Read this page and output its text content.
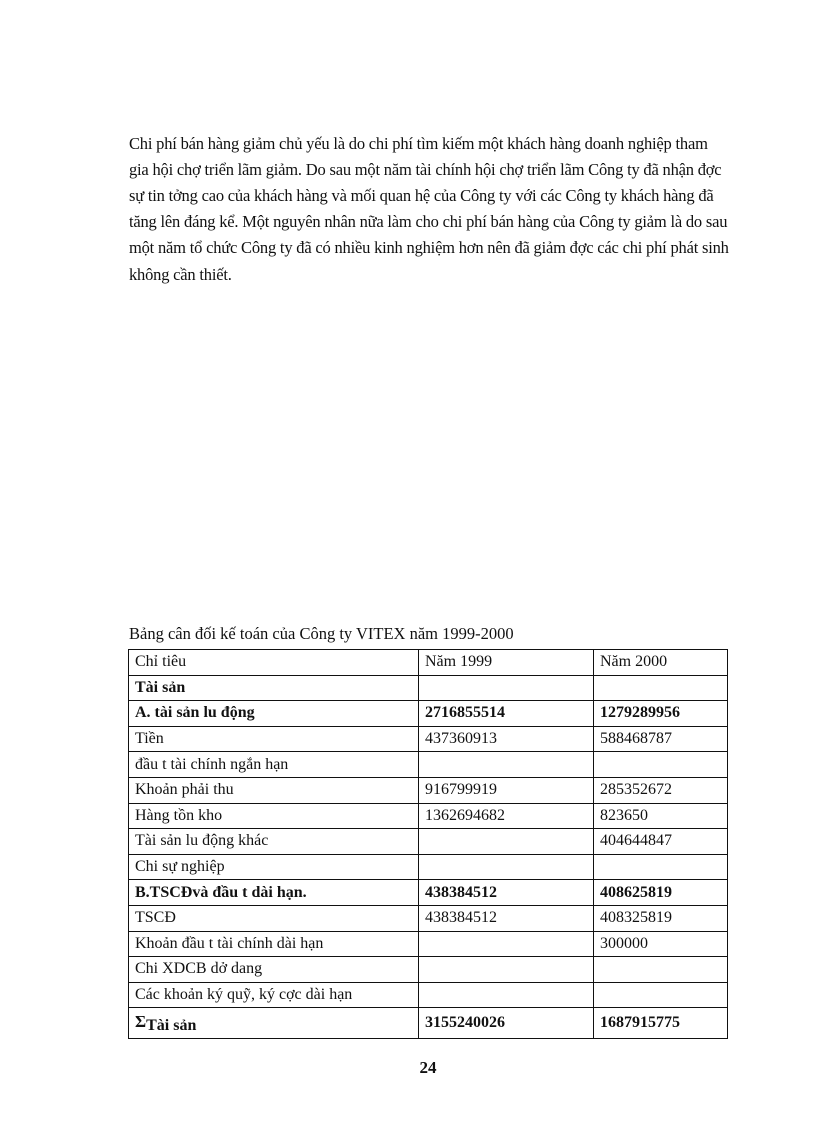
Chi phí bán hàng giảm chủ yếu là do chi phí tìm kiếm một khách hàng doanh nghiệp tham gia hội chợ triển lãm giảm. Do sau một năm tài chính hội chợ triển lãm Công ty đã nhận đợc sự tin tởng cao của khách hàng và mối quan hệ của Công ty với các Công ty khách hàng đã tăng lên đáng kể. Một nguyên nhân nữa làm cho chi phí bán hàng của Công ty giảm là do sau một năm tổ chức Công ty đã có nhiều kinh nghiệm hơn nên đã giảm đợc các chi phí phát sinh không cần thiết.

Bảng cân đối kế toán của Công ty VITEX năm 1999-2000
Chỉ tiêu	Năm 1999	Năm 2000
Tài sản		
A. tài sản lu động	2716855514	1279289956
Tiền	437360913	588468787
đầu t tài chính ngắn hạn		
Khoản phải thu	916799919	285352672
Hàng tồn kho	1362694682	823650
Tài sản lu động khác		404644847
Chi sự nghiệp		
B.TSCĐvà đầu t dài hạn.	438384512	408625819
TSCĐ	438384512	408325819
Khoản đầu t tài chính dài hạn		300000
Chi XDCB dở dang		
Các khoản ký quỹ, ký cợc dài hạn		
ΣTài sản	3155240026	1687915775
24
